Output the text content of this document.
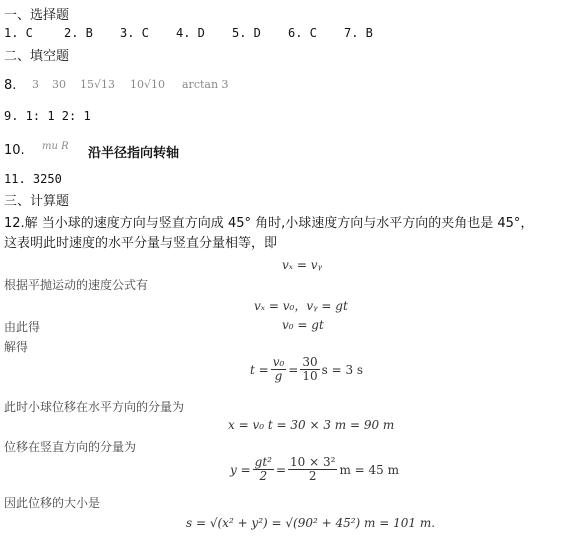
一、选择题
1. C	2. B 3. C 4. D 5. D 6. C 7. B
二、填空题
8. 3 30 15√13 10√10 arctan 3
9. 1: 1 2: 1
10. mu R 沿半径指向转轴
11. 3250
三、计算题
12.解 当小球的速度方向与竖直方向成 45° 角时,小球速度方向与水平方向的夹角也是 45°，
这表明此时速度的水平分量与竖直分量相等，即
vₓ = vᵧ
根据平抛运动的速度公式有
vₓ = v₀，vᵧ = gt
由此得	v₀ = gt
解得
$t = \frac{\text{v₀}}{g} = \frac{30}{10}$ s = 3 s
此时小球位移在水平方向的分量为
x = v₀ t = 30 × 3 m = 90 m
位移在竖直方向的分量为
$y = \frac{\text{gt²}}{2} = \frac{\text{10 × 3²}}{2}$ m = 45 m
因此位移的大小是
s = √(x² + y²) = √(90² + 45²) m = 101 m.
